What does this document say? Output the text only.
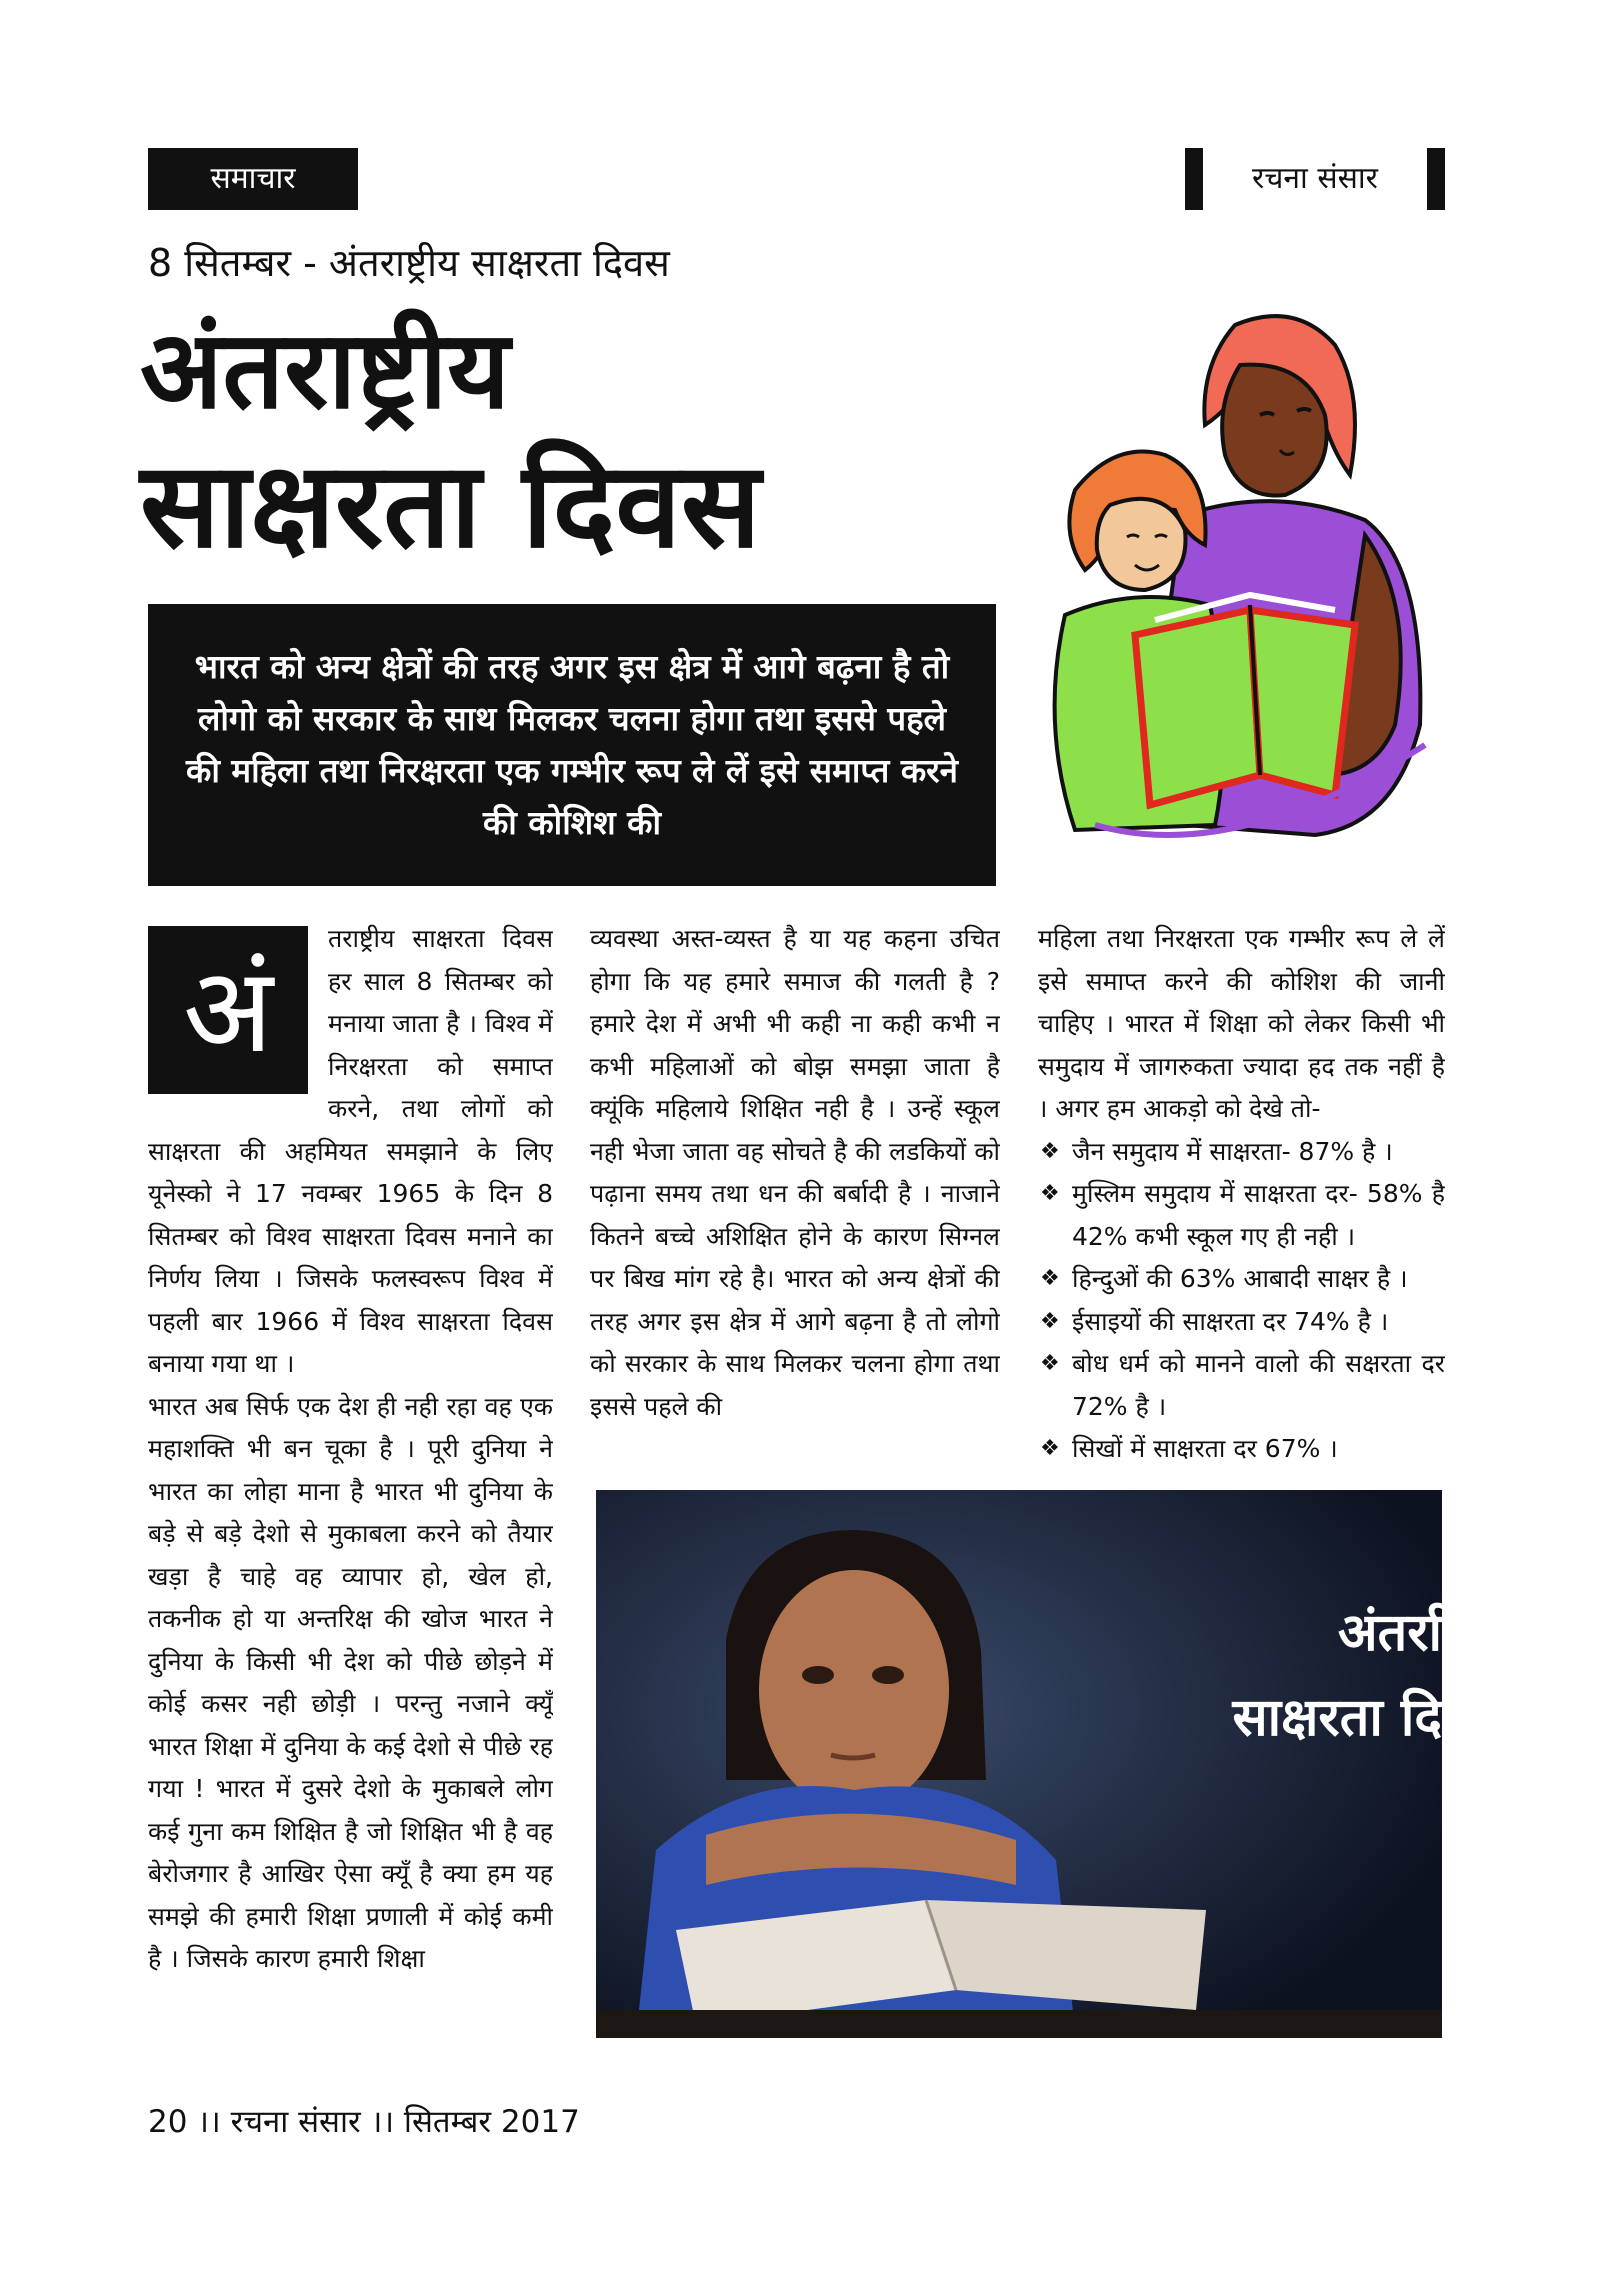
समाचार	रचना संसार
8 सितम्बर - अंतराष्ट्रीय साक्षरता दिवस
अंतराष्ट्रीय
साक्षरता दिवस

भारत को अन्य क्षेत्रों की तरह अगर इस क्षेत्र में आगे बढ़ना है तो लोगो को सरकार के साथ मिलकर चलना होगा तथा इससे पहले की महिला तथा निरक्षरता एक गम्भीर रूप ले लें इसे समाप्त करने की कोशिश की

अं

तराष्ट्रीय साक्षरता दिवस हर साल 8 सितम्बर को मनाया जाता है । विश्व में निरक्षरता को समाप्त करने, तथा लोगों को साक्षरता की अहमियत समझाने के लिए यूनेस्को ने 17 नवम्बर 1965 के दिन 8 सितम्बर को विश्व साक्षरता दिवस मनाने का निर्णय लिया । जिसके फलस्वरूप विश्व में पहली बार 1966 में विश्व साक्षरता दिवस बनाया गया था ।

भारत अब सिर्फ एक देश ही नही रहा वह एक महाशक्ति भी बन चूका है । पूरी दुनिया ने भारत का लोहा माना है भारत भी दुनिया के बड़े से बड़े देशो से मुकाबला करने को तैयार खड़ा है चाहे वह व्यापार हो, खेल हो, तकनीक हो या अन्तरिक्ष की खोज भारत ने दुनिया के किसी भी देश को पीछे छोड़ने में कोई कसर नही छोड़ी । परन्तु नजाने क्यूँ भारत शिक्षा में दुनिया के कई देशो से पीछे रह गया ! भारत में दुसरे देशो के मुकाबले लोग कई गुना कम शिक्षित है जो शिक्षित भी है वह बेरोजगार है आखिर ऐसा क्यूँ है क्या हम यह समझे की हमारी शिक्षा प्रणाली में कोई कमी है । जिसके कारण हमारी शिक्षा

व्यवस्था अस्त-व्यस्त है या यह कहना उचित होगा कि यह हमारे समाज की गलती है ? हमारे देश में अभी भी कही ना कही कभी न कभी महिलाओं को बोझ समझा जाता है क्यूंकि महिलाये शिक्षित नही है । उन्हें स्कूल नही भेजा जाता वह सोचते है की लडकियों को पढ़ाना समय तथा धन की बर्बादी है । नाजाने कितने बच्चे अशिक्षित होने के कारण सिग्नल पर बिख मांग रहे है। भारत को अन्य क्षेत्रों की तरह अगर इस क्षेत्र में आगे बढ़ना है तो लोगो को सरकार के साथ मिलकर चलना होगा तथा इससे पहले की

महिला तथा निरक्षरता एक गम्भीर रूप ले लें इसे समाप्त करने की कोशिश की जानी चाहिए । भारत में शिक्षा को लेकर किसी भी समुदाय में जागरुकता ज्यादा हद तक नहीं है । अगर हम आकड़ो को देखे तो-

❖ जैन समुदाय में साक्षरता- 87% है ।
❖ मुस्लिम समुदाय में साक्षरता दर- 58% है 42% कभी स्कूल गए ही नही ।
❖ हिन्दुओं की 63% आबादी साक्षर है ।
❖ ईसाइयों की साक्षरता दर 74% है ।
❖ बोध धर्म को मानने वालो की सक्षरता दर 72% है ।
❖ सिखों में साक्षरता दर 67% ।
अंतर्रा
साक्षरता दि
20 ।। रचना संसार ।। सितम्बर 2017
